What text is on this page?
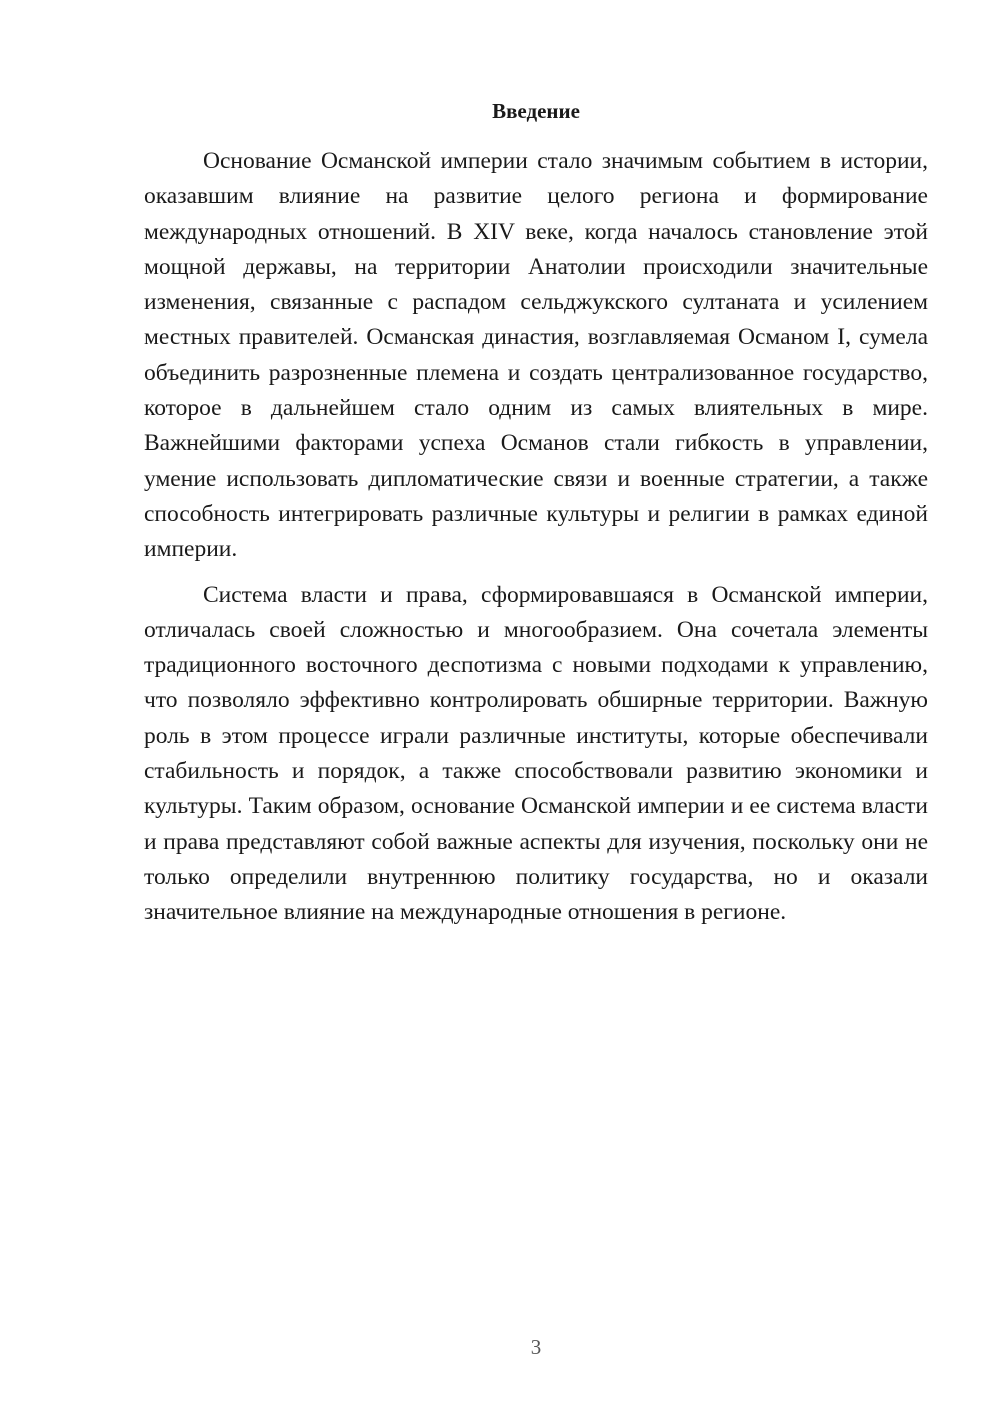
Введение

Основание Османской империи стало значимым событием в истории, оказавшим влияние на развитие целого региона и формирование международных отношений. В XIV веке, когда началось становление этой мощной державы, на территории Анатолии происходили значительные изменения, связанные с распадом сельджукского султаната и усилением местных правителей. Османская династия, возглавляемая Османом I, сумела объединить разрозненные племена и создать централизованное государство, которое в дальнейшем стало одним из самых влиятельных в мире. Важнейшими факторами успеха Османов стали гибкость в управлении, умение использовать дипломатические связи и военные стратегии, а также способность интегрировать различные культуры и религии в рамках единой империи.

Система власти и права, сформировавшаяся в Османской империи, отличалась своей сложностью и многообразием. Она сочетала элементы традиционного восточного деспотизма с новыми подходами к управлению, что позволяло эффективно контролировать обширные территории. Важную роль в этом процессе играли различные институты, которые обеспечивали стабильность и порядок, а также способствовали развитию экономики и культуры. Таким образом, основание Османской империи и ее система власти и права представляют собой важные аспекты для изучения, поскольку они не только определили внутреннюю политику государства, но и оказали значительное влияние на международные отношения в регионе.

3
